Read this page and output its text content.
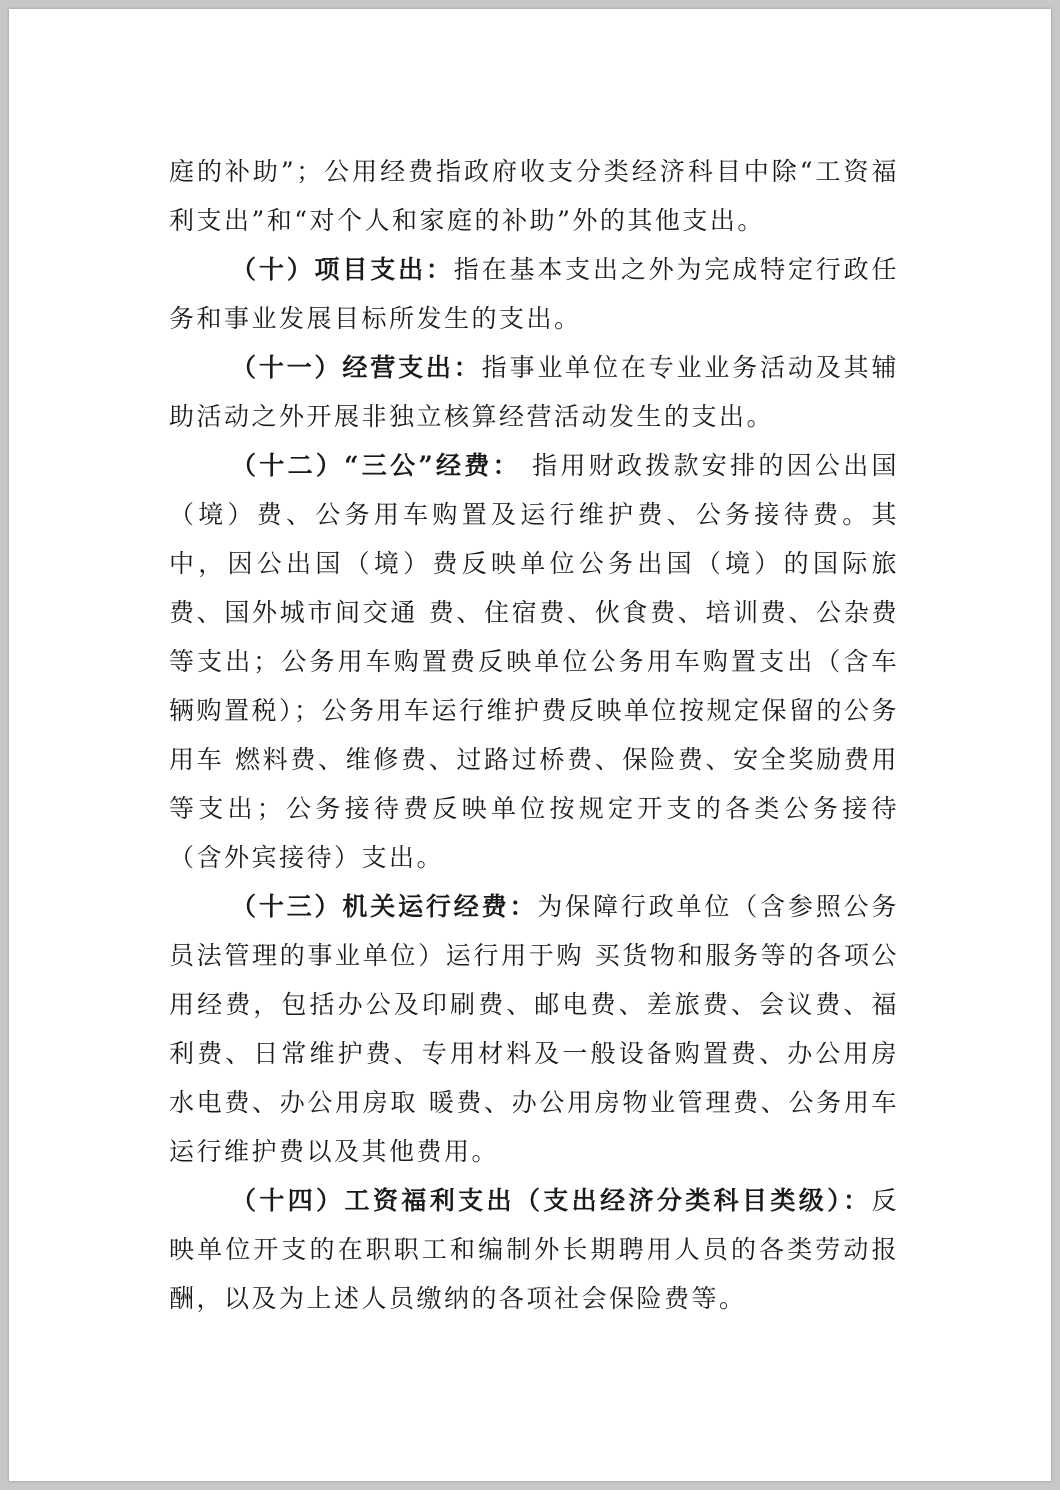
庭的补助”；公用经费指政府收支分类经济科目中除“工资福利支出”和“对个人和家庭的补助”外的其他支出。

（十）项目支出：指在基本支出之外为完成特定行政任务和事业发展目标所发生的支出。

（十一）经营支出：指事业单位在专业业务活动及其辅助活动之外开展非独立核算经营活动发生的支出。

（十二）“三公”经费： 指用财政拨款安排的因公出国（境）费、公务用车购置及运行维护费、公务接待费。其中，因公出国（境）费反映单位公务出国（境）的国际旅费、国外城市间交通 费、住宿费、伙食费、培训费、公杂费等支出；公务用车购置费反映单位公务用车购置支出（含车辆购置税）；公务用车运行维护费反映单位按规定保留的公务用车 燃料费、维修费、过路过桥费、保险费、安全奖励费用等支出；公务接待费反映单位按规定开支的各类公务接待（含外宾接待）支出。

（十三）机关运行经费：为保障行政单位（含参照公务员法管理的事业单位）运行用于购 买货物和服务等的各项公用经费，包括办公及印刷费、邮电费、差旅费、会议费、福利费、日常维护费、专用材料及一般设备购置费、办公用房水电费、办公用房取 暖费、办公用房物业管理费、公务用车运行维护费以及其他费用。

（十四）工资福利支出（支出经济分类科目类级）：反映单位开支的在职职工和编制外长期聘用人员的各类劳动报酬，以及为上述人员缴纳的各项社会保险费等。
